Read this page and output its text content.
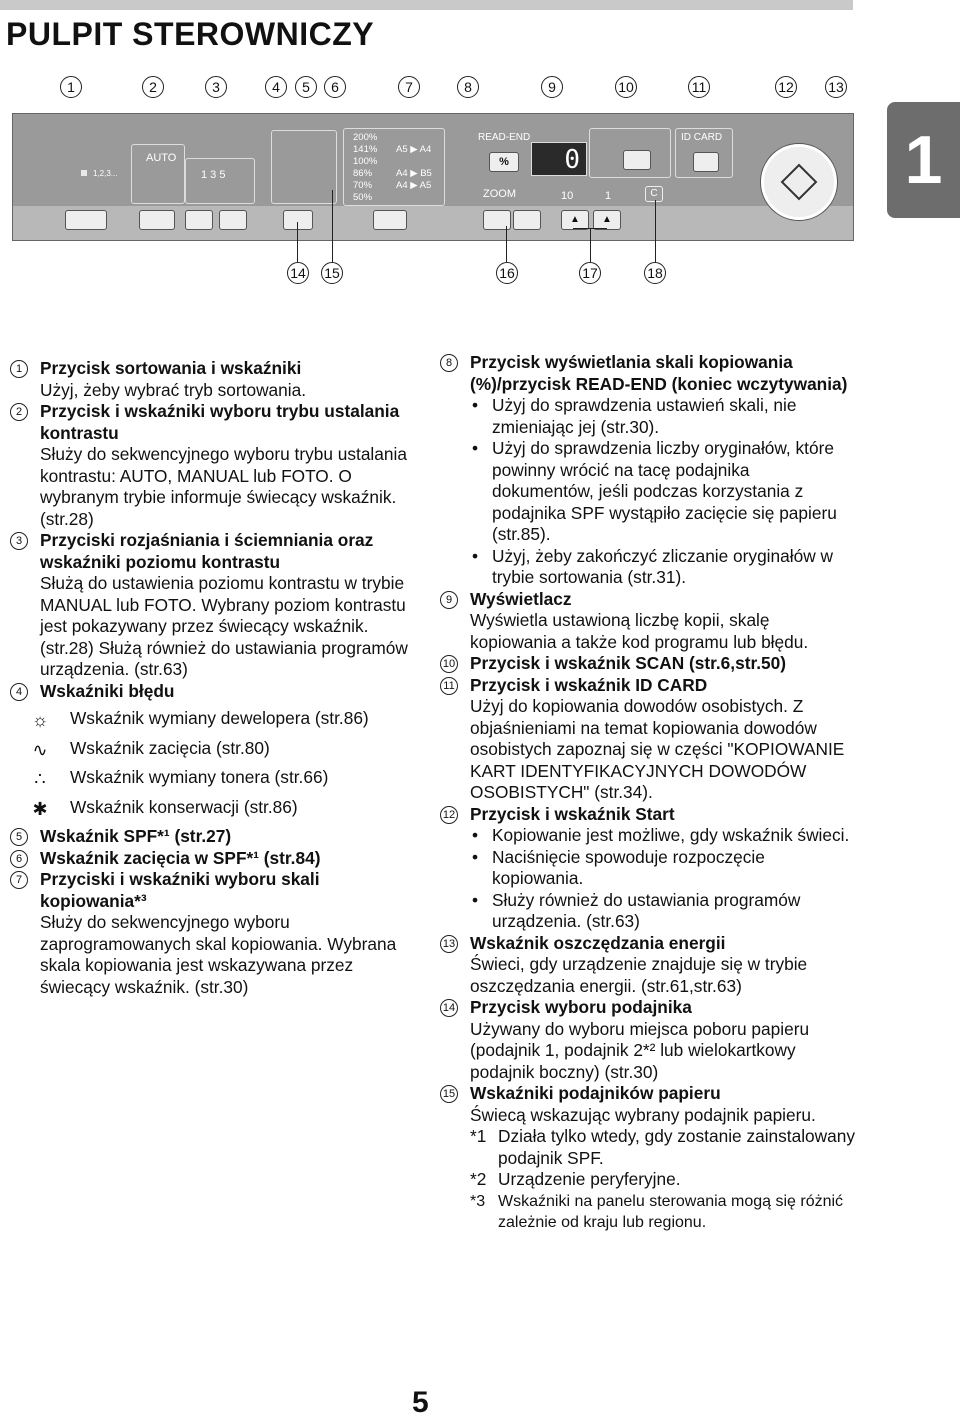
PULPIT STEROWNICZY
1
1	2	3	4	5	6	7	8	9	10	11	12 13
1,2,3...
AUTO
1 3 5
200%
141%
100%
86%
70%
50%
A5 ▶ A4
A4 ▶ B5
A4 ▶ A5
READ-END
%
ZOOM
0
10	1	C
ID CARD
▲	▲
14 15	16	17	18
1	Przycisk sortowania i wskaźniki
Użyj, żeby wybrać tryb sortowania.
2	Przycisk i wskaźniki wyboru trybu ustalania kontrastu
Służy do sekwencyjnego wyboru trybu ustalania kontrastu: AUTO, MANUAL lub FOTO. O wybranym trybie informuje świecący wskaźnik. (str.28)
3	Przyciski rozjaśniania i ściemniania oraz wskaźniki poziomu kontrastu
Służą do ustawienia poziomu kontrastu w trybie MANUAL lub FOTO. Wybrany poziom kontrastu jest pokazywany przez świecący wskaźnik. (str.28) Służą również do ustawiania programów urządzenia. (str.63)
4	Wskaźniki błędu
☼ Wskaźnik wymiany dewelopera (str.86)
∿ Wskaźnik zacięcia (str.80)
∴	Wskaźnik wymiany tonera (str.66)
✱ Wskaźnik konserwacji (str.86)
5	Wskaźnik SPF*¹ (str.27)
6	Wskaźnik zacięcia w SPF*¹ (str.84)
7	Przyciski i wskaźniki wyboru skali kopiowania*³
Służy do sekwencyjnego wyboru zaprogramowanych skal kopiowania. Wybrana skala kopiowania jest wskazywana przez świecący wskaźnik. (str.30)
8	Przycisk wyświetlania skali kopiowania (%)/przycisk READ-END (koniec wczytywania)
• Użyj do sprawdzenia ustawień skali, nie zmieniając jej (str.30).
• Użyj do sprawdzenia liczby oryginałów, które powinny wrócić na tacę podajnika dokumentów, jeśli podczas korzystania z podajnika SPF wystąpiło zacięcie się papieru (str.85).
• Użyj, żeby zakończyć zliczanie oryginałów w trybie sortowania (str.31).
9	Wyświetlacz
Wyświetla ustawioną liczbę kopii, skalę kopiowania a także kod programu lub błędu.
10 Przycisk i wskaźnik SCAN (str.6,str.50)
11 Przycisk i wskaźnik ID CARD
Użyj do kopiowania dowodów osobistych. Z objaśnieniami na temat kopiowania dowodów osobistych zapoznaj się w części "KOPIOWANIE KART IDENTYFIKACYJNYCH DOWODÓW OSOBISTYCH" (str.34).
12 Przycisk i wskaźnik Start
• Kopiowanie jest możliwe, gdy wskaźnik świeci.
• Naciśnięcie spowoduje rozpoczęcie kopiowania.
• Służy również do ustawiania programów urządzenia. (str.63)
13 Wskaźnik oszczędzania energii
Świeci, gdy urządzenie znajduje się w trybie oszczędzania energii. (str.61,str.63)
14 Przycisk wyboru podajnika
Używany do wyboru miejsca poboru papieru (podajnik 1, podajnik 2*² lub wielokartkowy podajnik boczny) (str.30)
15 Wskaźniki podajników papieru
Świecą wskazując wybrany podajnik papieru.
*1 Działa tylko wtedy, gdy zostanie zainstalowany podajnik SPF.
*2 Urządzenie peryferyjne.
*3 Wskaźniki na panelu sterowania mogą się różnić zależnie od kraju lub regionu.
5
